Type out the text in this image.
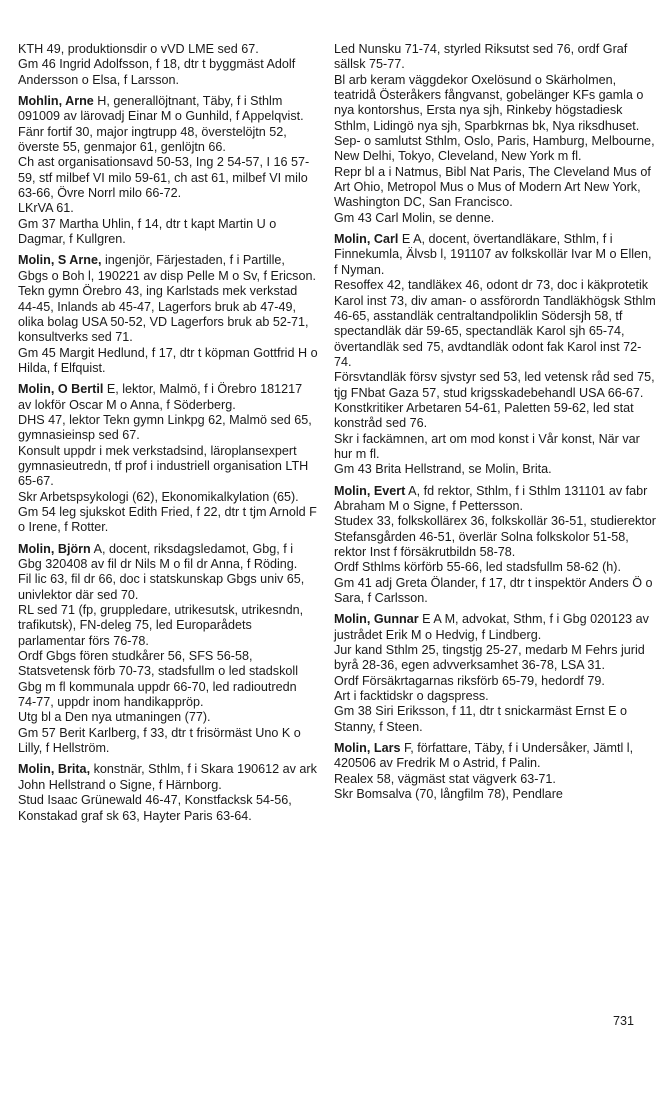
KTH 49, produktionsdir o vVD LME sed 67.

Gm 46 Ingrid Adolfsson, f 18, dtr t byggmäst Adolf Andersson o Elsa, f Larsson.

Mohlin, Arne H, generallöjtnant, Täby, f i Sthlm 091009 av lärovadj Einar M o Gunhild, f Appelqvist.

Fänr fortif 30, major ingtrupp 48, överstelöjtn 52, överste 55, genmajor 61, genlöjtn 66.

Ch ast organisationsavd 50-53, Ing 2 54-57, I 16 57-59, stf milbef VI milo 59-61, ch ast 61, milbef VI milo 63-66, Övre Norrl milo 66-72.

LKrVA 61.

Gm 37 Martha Uhlin, f 14, dtr t kapt Martin U o Dagmar, f Kullgren.

Molin, S Arne, ingenjör, Färjestaden, f i Partille, Gbgs o Boh l, 190221 av disp Pelle M o Sv, f Ericson.

Tekn gymn Örebro 43, ing Karlstads mek verkstad 44-45, Inlands ab 45-47, Lagerfors bruk ab 47-49, olika bolag USA 50-52, VD Lagerfors bruk ab 52-71, konsultverks sed 71.

Gm 45 Margit Hedlund, f 17, dtr t köpman Gottfrid H o Hilda, f Elfquist.

Molin, O Bertil E, lektor, Malmö, f i Örebro 181217 av lokför Oscar M o Anna, f Söderberg.

DHS 47, lektor Tekn gymn Linkpg 62, Malmö sed 65, gymnasieinsp sed 67.

Konsult uppdr i mek verkstadsind, läroplansexpert gymnasieutredn, tf prof i industriell organisation LTH 65-67.

Skr Arbetspsykologi (62), Ekonomikalkylation (65).

Gm 54 leg sjukskot Edith Fried, f 22, dtr t tjm Arnold F o Irene, f Rotter.

Molin, Björn A, docent, riksdagsledamot, Gbg, f i Gbg 320408 av fil dr Nils M o fil dr Anna, f Röding.

Fil lic 63, fil dr 66, doc i statskunskap Gbgs univ 65, univlektor där sed 70.

RL sed 71 (fp, gruppledare, utrikesutsk, utrikesndn, trafikutsk), FN-deleg 75, led Europarådets parlamentar förs 76-78.

Ordf Gbgs fören studkårer 56, SFS 56-58, Statsvetensk förb 70-73, stadsfullm o led stadskoll Gbg m fl kommunala uppdr 66-70, led radioutredn 74-77, uppdr inom handikappröр.

Utg bl a Den nya utmaningen (77).

Gm 57 Berit Karlberg, f 33, dtr t frisörmäst Uno K o Lilly, f Hellström.

Molin, Brita, konstnär, Sthlm, f i Skara 190612 av ark John Hellstrand o Signe, f Härnborg.

Stud Isaac Grünewald 46-47, Konstfacksk 54-56, Konstakad graf sk 63, Hayter Paris 63-64.

Led Nunsku 71-74, styrled Riksutst sed 76, ordf Graf sällsk 75-77.

Bl arb keram väggdekor Oxelösund o Skärholmen, teatridå Österåkers fångvanst, gobelänger KFs gamla o nya kontorshus, Ersta nya sjh, Rinkeby högstadiesk Sthlm, Lidingö nya sjh, Sparbkrnas bk, Nya riksdhuset.

Sep- o samlutst Sthlm, Oslo, Paris, Hamburg, Melbourne, New Delhi, Tokyo, Cleveland, New York m fl.

Repr bl a i Natmus, Bibl Nat Paris, The Cleveland Mus of Art Ohio, Metropol Mus o Mus of Modern Art New York, Washington DC, San Francisco.

Gm 43 Carl Molin, se denne.

Molin, Carl E A, docent, övertandläkare, Sthlm, f i Finnekumla, Älvsb l, 191107 av folkskollär Ivar M o Ellen, f Nyman.

Resoffex 42, tandläkex 46, odont dr 73, doc i käkprotetik Karol inst 73, div aman- o assförordn Tandläkhögsk Sthlm 46-65, asstandläk centraltandpoliklin Södersjh 58, tf spectandläk där 59-65, spectandläk Karol sjh 65-74, övertandläk sed 75, avdtandläk odont fak Karol inst 72-74.

Försvtandläk försv sjvstyr sed 53, led vetensk råd sed 75, tjg FNbat Gaza 57, stud krigsskadebehandl USA 66-67.

Konstkritiker Arbetaren 54-61, Paletten 59-62, led stat konstråd sed 76.

Skr i fackämnen, art om mod konst i Vår konst, När var hur m fl.

Gm 43 Brita Hellstrand, se Molin, Brita.

Molin, Evert A, fd rektor, Sthlm, f i Sthlm 131101 av fabr Abraham M o Signe, f Pettersson.

Studex 33, folkskollärex 36, folkskollär 36-51, studierektor Stefansgården 46-51, överlär Solna folkskolor 51-58, rektor Inst f försäkrutbildn 58-78.

Ordf Sthlms körförb 55-66, led stadsfullm 58-62 (h).

Gm 41 adj Greta Ölander, f 17, dtr t inspektör Anders Ö o Sara, f Carlsson.

Molin, Gunnar E A M, advokat, Sthm, f i Gbg 020123 av justrådet Erik M o Hedvig, f Lindberg.

Jur kand Sthlm 25, tingstjg 25-27, medarb M Fehrs jurid byrå 28-36, egen advverksamhet 36-78, LSA 31.

Ordf Försäkrtagarnas riksförb 65-79, hedordf 79.

Art i facktidskr o dagspress.

Gm 38 Siri Eriksson, f 11, dtr t snickarmäst Ernst E o Stanny, f Steen.

Molin, Lars F, författare, Täby, f i Undersåker, Jämtl l, 420506 av Fredrik M o Astrid, f Palin.

Realex 58, vägmäst stat vägverk 63-71.

Skr Bomsalva (70, långfilm 78), Pendlare

731
